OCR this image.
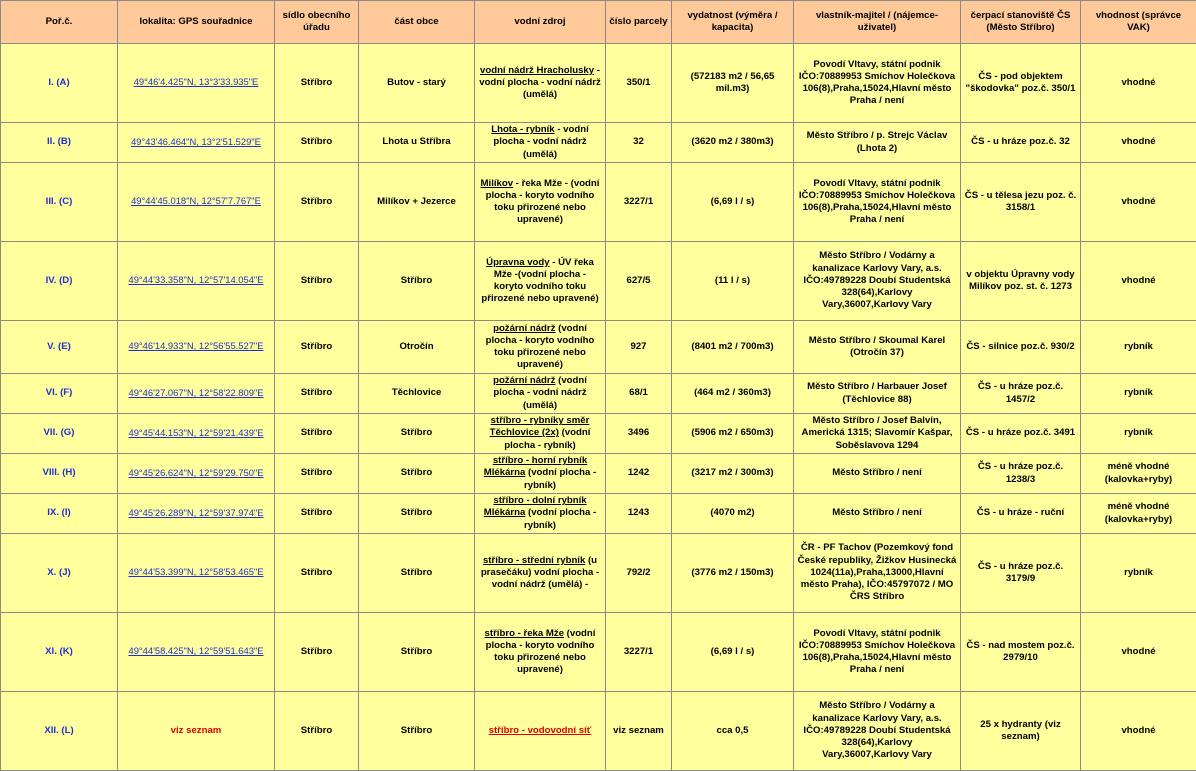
Poř.č.	lokalita: GPS souřadnice	sídlo obecního úřadu	část obce	vodní zdroj	číslo parcely	vydatnost (výměra / kapacita)	vlastník-majitel / (nájemce-uživatel)	čerpací stanoviště ČS (Město Stříbro)	vhodnost (správce VAK)
I. (A)	49°46'4.425"N, 13°3'33.935"E	Stříbro	Butov - starý	vodní nádrž Hracholusky - vodní plocha - vodní nádrž (umělá)	350/1	(572183 m2 / 56,65 mil.m3)	Povodí Vltavy, státní podnik IČO:70889953 Smíchov Holečkova 106(8),Praha,15024,Hlavní město Praha / není	ČS - pod objektem "škodovka" poz.č. 350/1	vhodné
II. (B)	49°43'46.464"N, 13°2'51.529"E	Stříbro	Lhota u Stříbra	Lhota - rybník - vodní plocha - vodní nádrž (umělá)	32	(3620 m2 / 380m3)	Město Stříbro / p. Strejc Václav (Lhota 2)	ČS - u hráze poz.č. 32	vhodné
III. (C)	49°44'45.018"N, 12°57'7.767"E	Stříbro	Milíkov + Jezerce	Milíkov - řeka Mže - (vodní plocha - koryto vodního toku přirozené nebo upravené)	3227/1	(6,69 l / s)	Povodí Vltavy, státní podnik IČO:70889953 Smíchov Holečkova 106(8),Praha,15024,Hlavní město Praha / není	ČS - u tělesa jezu poz. č. 3158/1	vhodné
IV. (D)	49°44'33.358"N, 12°57'14.054"E	Stříbro	Stříbro	Úpravna vody - ÚV řeka Mže -(vodní plocha - koryto vodního toku přirozené nebo upravené)	627/5	(11 l / s)	Město Stříbro / Vodárny a kanalizace Karlovy Vary, a.s. IČO:49789228 Doubí Studentská 328(64),Karlovy Vary,36007,Karlovy Vary	v objektu Úpravny vody Milíkov poz. st. č. 1273	vhodné
V. (E)	49°46'14.933"N, 12°56'55.527"E	Stříbro	Otročín	požární nádrž (vodní plocha - koryto vodního toku přirozené nebo upravené)	927	(8401 m2 / 700m3)	Město Stříbro / Skoumal Karel (Otročín 37)	ČS - silnice poz.č. 930/2	rybník
VI. (F)	49°46'27.067"N, 12°58'22.809"E	Stříbro	Těchlovice	požární nádrž (vodní plocha - vodní nádrž (umělá)	68/1	(464 m2 / 360m3)	Město Stříbro / Harbauer Josef (Těchlovice 88)	ČS - u hráze poz.č. 1457/2	rybník
VII. (G)	49°45'44.153"N, 12°59'21.439"E	Stříbro	Stříbro	stříbro - rybníky směr Těchlovice (2x) (vodní plocha - rybník)	3496	(5906 m2 / 650m3)	Město Stříbro / Josef Balvín, Americká 1315; Slavomír Kašpar, Soběslavova 1294	ČS - u hráze poz.č. 3491	rybník
VIII. (H)	49°45'26.624"N, 12°59'29.750"E	Stříbro	Stříbro	stříbro - horní rybník Mlékárna (vodní plocha - rybník)	1242	(3217 m2 / 300m3)	Město Stříbro / není	ČS - u hráze poz.č. 1238/3	méně vhodné (kalovka+ryby)
IX. (I)	49°45'26.289"N, 12°59'37.974"E	Stříbro	Stříbro	stříbro - dolní rybník Mlékárna (vodní plocha - rybník)	1243	(4070 m2)	Město Stříbro / není	ČS - u hráze - ruční	méně vhodné (kalovka+ryby)
X. (J)	49°44'53.399"N, 12°58'53.465"E	Stříbro	Stříbro	stříbro - střední rybník (u prasečáku) vodní plocha - vodní nádrž (umělá) -	792/2	(3776 m2 / 150m3)	ČR - PF Tachov (Pozemkový fond České republiky, Žižkov Husinecká 1024(11a),Praha,13000,Hlavní město Praha), IČO:45797072 / MO ČRS Stříbro	ČS - u hráze poz.č. 3179/9	rybník
XI. (K)	49°44'58.425"N, 12°59'51.643"E	Stříbro	Stříbro	stříbro - řeka Mže (vodní plocha - koryto vodního toku přirozené nebo upravené)	3227/1	(6,69 l / s)	Povodí Vltavy, státní podnik IČO:70889953 Smíchov Holečkova 106(8),Praha,15024,Hlavní město Praha / není	ČS - nad mostem poz.č. 2979/10	vhodné
XII. (L)	viz seznam	Stříbro	Stříbro	stříbro - vodovodní síť	viz seznam	cca 0,5	Město Stříbro / Vodárny a kanalizace Karlovy Vary, a.s. IČO:49789228 Doubí Studentská 328(64),Karlovy Vary,36007,Karlovy Vary	25 x hydranty (viz seznam)	vhodné
